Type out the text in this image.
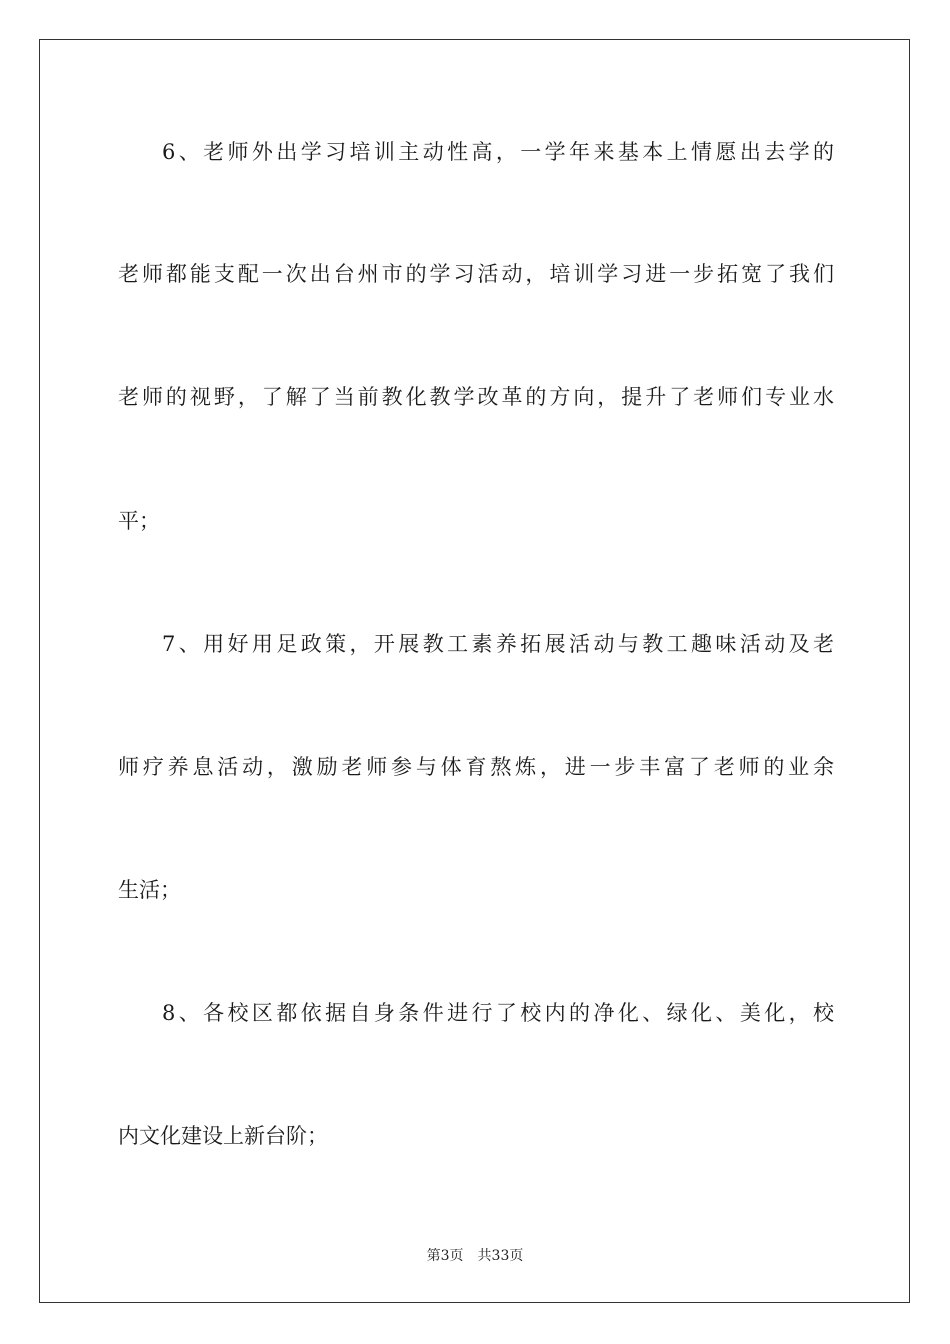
6、老师外出学习培训主动性高，一学年来基本上情愿出去学的
老师都能支配一次出台州市的学习活动，培训学习进一步拓宽了我们
老师的视野，了解了当前教化教学改革的方向，提升了老师们专业水
平；
7、用好用足政策，开展教工素养拓展活动与教工趣味活动及老
师疗养息活动，激励老师参与体育熬炼，进一步丰富了老师的业余
生活；
8、各校区都依据自身条件进行了校内的净化、绿化、美化，校
内文化建设上新台阶；
第3页 共33页
